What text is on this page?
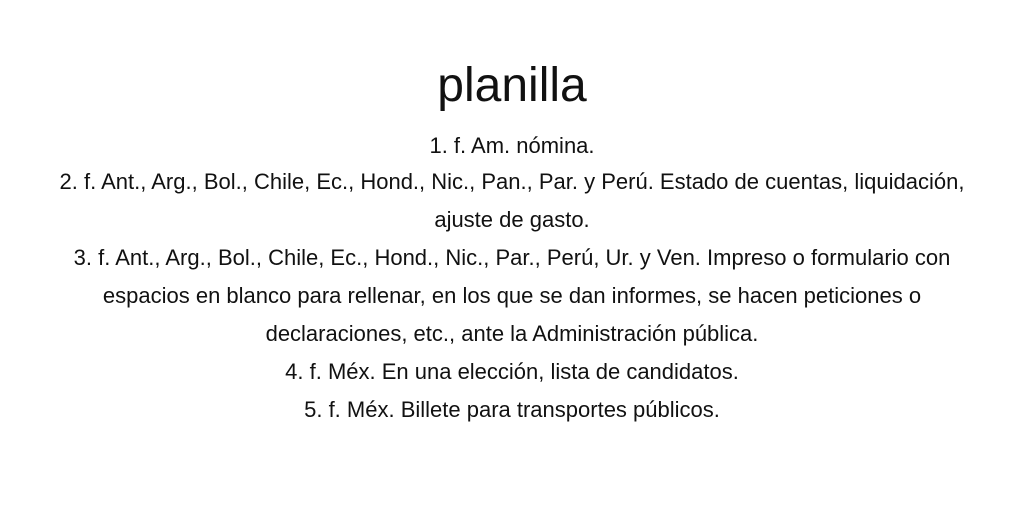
planilla

1. f. Am. nómina.

2. f. Ant., Arg., Bol., Chile, Ec., Hond., Nic., Pan., Par. y Perú. Estado de cuentas, liquidación, ajuste de gasto.

3. f. Ant., Arg., Bol., Chile, Ec., Hond., Nic., Par., Perú, Ur. y Ven. Impreso o formulario con espacios en blanco para rellenar, en los que se dan informes, se hacen peticiones o declaraciones, etc., ante la Administración pública.

4. f. Méx. En una elección, lista de candidatos.

5. f. Méx. Billete para transportes públicos.
